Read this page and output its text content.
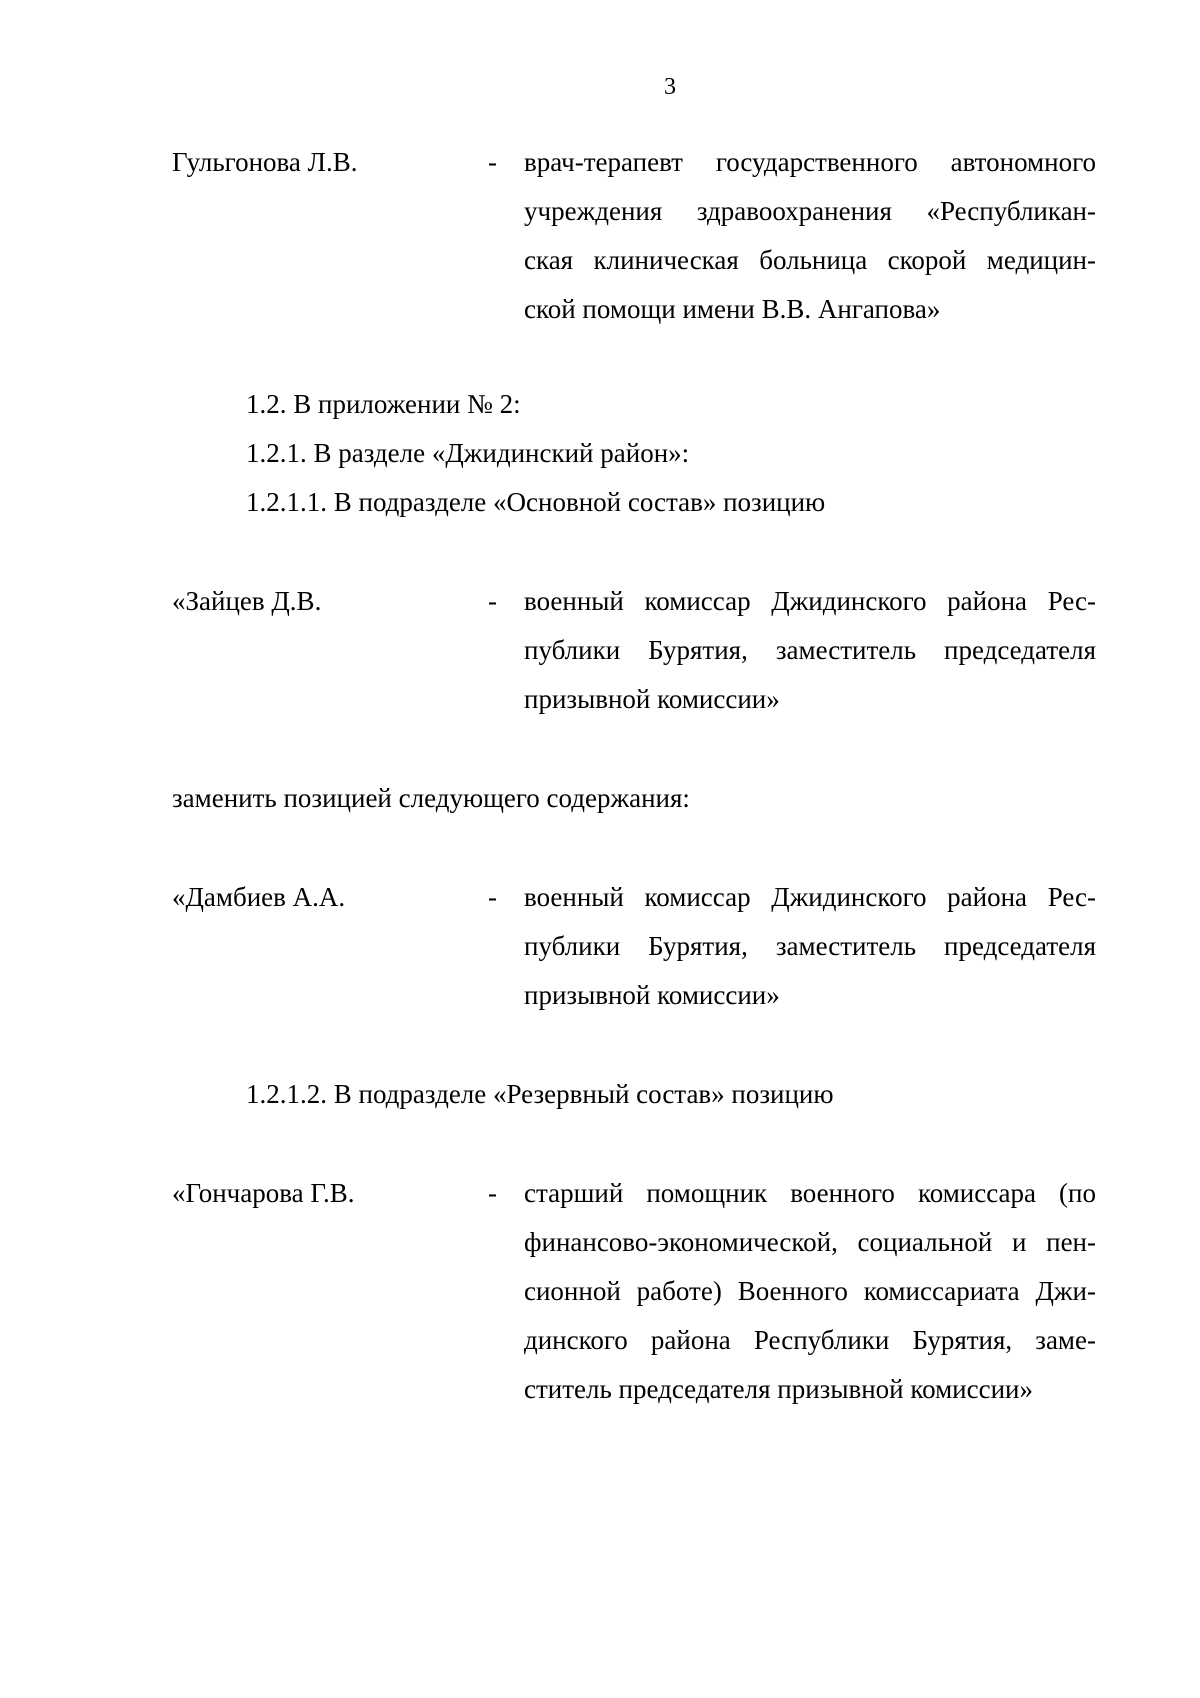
3
Гульгонова Л.В.	- врач-терапевт государственного автономного
учреждения здравоохранения «Республикан-
ская клиническая больница скорой медицин-
ской помощи имени В.В. Ангапова»
1.2. В приложении № 2:
1.2.1. В разделе «Джидинский район»:
1.2.1.1. В подразделе «Основной состав» позицию
«Зайцев Д.В.	- военный комиссар Джидинского района Рес-
публики Бурятия, заместитель председателя
призывной комиссии»
заменить позицией следующего содержания:
«Дамбиев А.А.	- военный комиссар Джидинского района Рес-
публики Бурятия, заместитель председателя
призывной комиссии»
1.2.1.2. В подразделе «Резервный состав» позицию
«Гончарова Г.В.	- старший помощник военного комиссара (по
финансово-экономической, социальной и пен-
сионной работе) Военного комиссариата Джи-
динского района Республики Бурятия, заме-
ститель председателя призывной комиссии»
